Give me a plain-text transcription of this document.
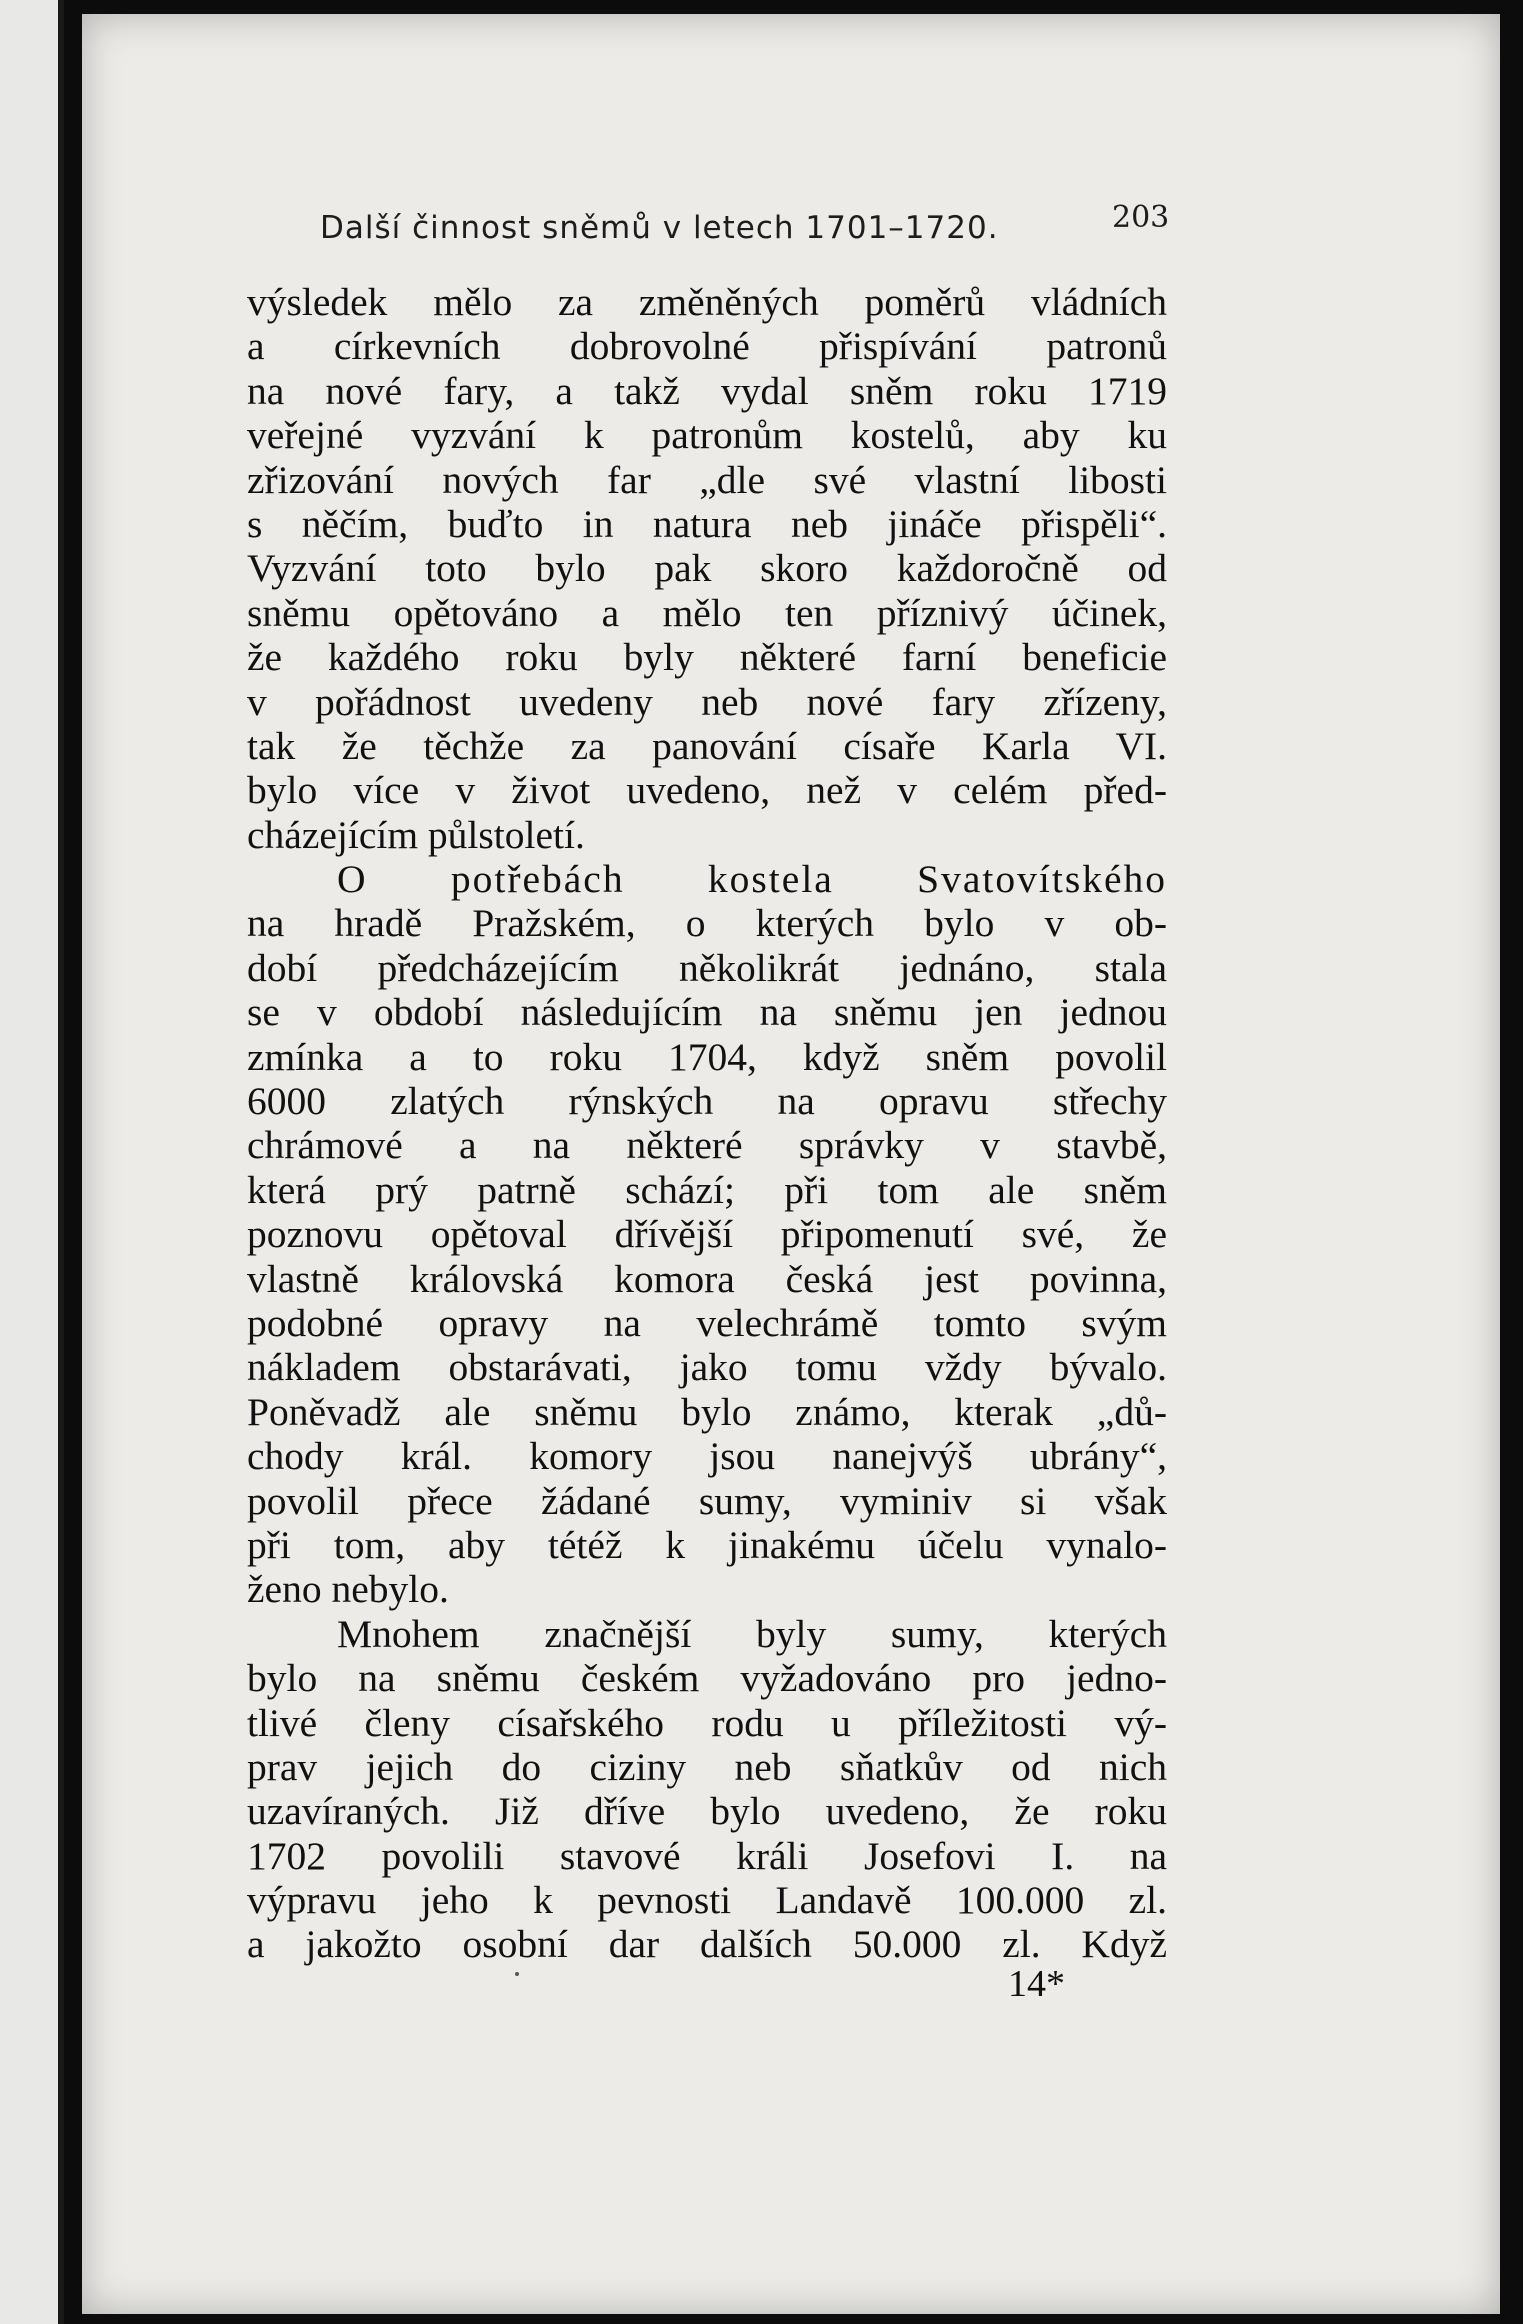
Další činnost sněmů v letech 1701–1720.	203
výsledek mělo za změněných poměrů vládních
a církevních dobrovolné přispívání patronů
na nové fary, a takž vydal sněm roku 1719
veřejné vyzvání k patronům kostelů, aby ku
zřizování nových far „dle své vlastní libosti
s něčím, buďto in natura neb jináče přispěli“.
Vyzvání toto bylo pak skoro každoročně od
sněmu opětováno a mělo ten příznivý účinek,
že každého roku byly některé farní beneficie
v pořádnost uvedeny neb nové fary zřízeny,
tak že těchže za panování císaře Karla VI.
bylo více v život uvedeno, než v celém před-
cházejícím půlstoletí.
O potřebách kostela Svatovítského
na hradě Pražském, o kterých bylo v ob-
dobí předcházejícím několikrát jednáno, stala
se v období následujícím na sněmu jen jednou
zmínka a to roku 1704, když sněm povolil
6000 zlatých rýnských na opravu střechy
chrámové a na některé správky v stavbě,
která prý patrně schází; při tom ale sněm
poznovu opětoval dřívější připomenutí své, že
vlastně královská komora česká jest povinna,
podobné opravy na velechrámě tomto svým
nákladem obstarávati, jako tomu vždy bývalo.
Poněvadž ale sněmu bylo známo, kterak „dů-
chody král. komory jsou nanejvýš ubrány“,
povolil přece žádané sumy, vyminiv si však
při tom, aby tétéž k jinakému účelu vynalo-
ženo nebylo.
Mnohem značnější byly sumy, kterých
bylo na sněmu českém vyžadováno pro jedno-
tlivé členy císařského rodu u příležitosti vý-
prav jejich do ciziny neb sňatkův od nich
uzavíraných. Již dříve bylo uvedeno, že roku
1702 povolili stavové králi Josefovi I. na
výpravu jeho k pevnosti Landavě 100.000 zl.
a jakožto osobní dar dalších 50.000 zl. Když
14*
